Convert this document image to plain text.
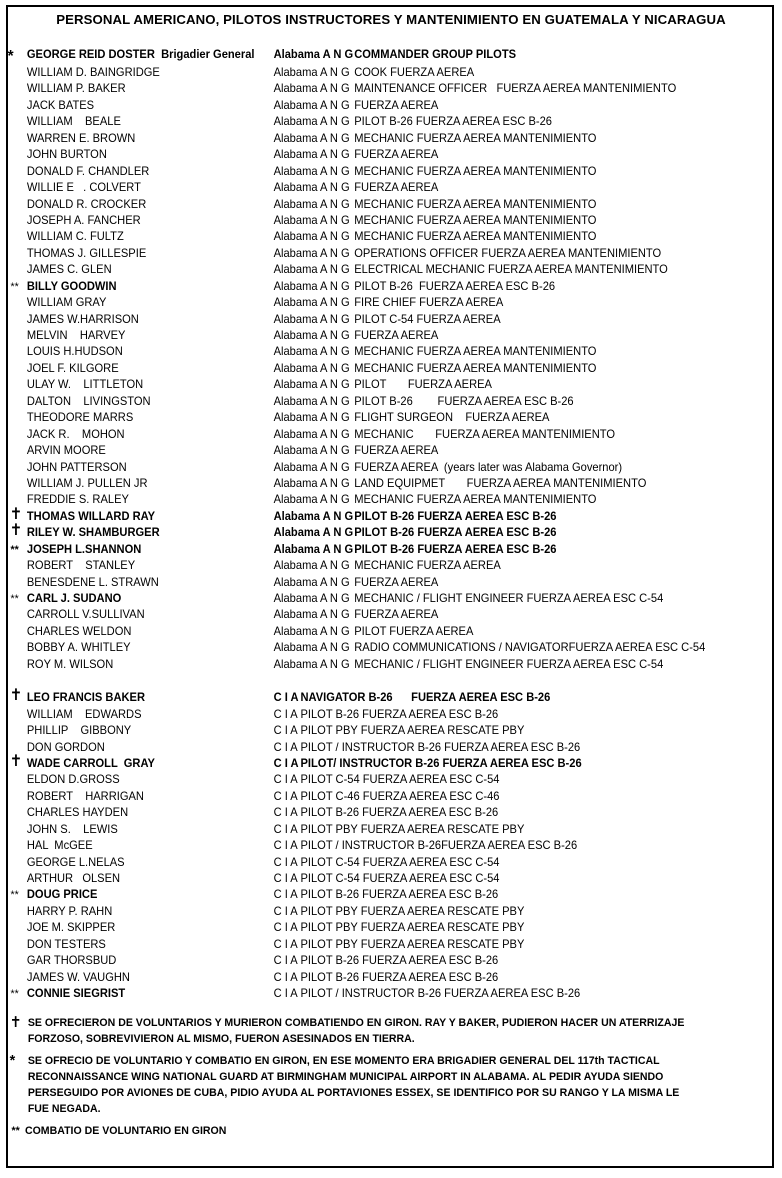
PERSONAL AMERICANO, PILOTOS INSTRUCTORES Y MANTENIMIENTO EN GUATEMALA Y NICARAGUA
*	GEORGE REID DOSTER  Brigadier General Alabama A N G COMMANDER GROUP PILOTS
WILLIAM D. BAINGRIDGE	Alabama A N G COOK FUERZA AEREA
WILLIAM P. BAKER	Alabama A N G MAINTENANCE OFFICER   FUERZA AEREA MANTENIMIENTO
JACK BATES	Alabama A N G FUERZA AEREA
WILLIAM    BEALE	Alabama A N G PILOT B-26 FUERZA AEREA ESC B-26
WARREN E. BROWN	Alabama A N G MECHANIC FUERZA AEREA MANTENIMIENTO
JOHN BURTON	Alabama A N G FUERZA AEREA
DONALD F. CHANDLER	Alabama A N G MECHANIC FUERZA AEREA MANTENIMIENTO
WILLIE E   . COLVERT	Alabama A N G FUERZA AEREA
DONALD R. CROCKER	Alabama A N G MECHANIC FUERZA AEREA MANTENIMIENTO
JOSEPH A. FANCHER	Alabama A N G MECHANIC FUERZA AEREA MANTENIMIENTO
WILLIAM C. FULTZ	Alabama A N G MECHANIC FUERZA AEREA MANTENIMIENTO
THOMAS J. GILLESPIE	Alabama A N G OPERATIONS OFFICER FUERZA AEREA MANTENIMIENTO
JAMES C. GLEN	Alabama A N G ELECTRICAL MECHANIC FUERZA AEREA MANTENIMIENTO
** BILLY GOODWIN	Alabama A N G PILOT B-26  FUERZA AEREA ESC B-26
WILLIAM GRAY	Alabama A N G FIRE CHIEF FUERZA AEREA
JAMES W.HARRISON	Alabama A N G PILOT C-54 FUERZA AEREA
MELVIN    HARVEY	Alabama A N G FUERZA AEREA
LOUIS H.HUDSON	Alabama A N G MECHANIC FUERZA AEREA MANTENIMIENTO
JOEL F. KILGORE	Alabama A N G MECHANIC FUERZA AEREA MANTENIMIENTO
ULAY W.    LITTLETON	Alabama A N G PILOT       FUERZA AEREA
DALTON    LIVINGSTON	Alabama A N G PILOT B-26        FUERZA AEREA ESC B-26
THEODORE MARRS	Alabama A N G FLIGHT SURGEON    FUERZA AEREA
JACK R.    MOHON	Alabama A N G MECHANIC       FUERZA AEREA MANTENIMIENTO
ARVIN MOORE	Alabama A N G FUERZA AEREA
JOHN PATTERSON	Alabama A N G FUERZA AEREA  (years later was Alabama Governor)
WILLIAM J. PULLEN JR	Alabama A N G LAND EQUIPMET       FUERZA AEREA MANTENIMIENTO
FREDDIE S. RALEY	Alabama A N G MECHANIC FUERZA AEREA MANTENIMIENTO
✝ THOMAS WILLARD RAY	Alabama A N G PILOT B-26 FUERZA AEREA ESC B-26
✝ RILEY W. SHAMBURGER	Alabama A N G PILOT B-26 FUERZA AEREA ESC B-26
** JOSEPH L.SHANNON	Alabama A N G PILOT B-26 FUERZA AEREA ESC B-26
ROBERT    STANLEY	Alabama A N G MECHANIC FUERZA AEREA
BENESDENE L. STRAWN	Alabama A N G FUERZA AEREA
** CARL J. SUDANO	Alabama A N G MECHANIC / FLIGHT ENGINEER FUERZA AEREA ESC C-54
CARROLL V.SULLIVAN	Alabama A N G FUERZA AEREA
CHARLES WELDON	Alabama A N G PILOT FUERZA AEREA
BOBBY A. WHITLEY	Alabama A N G RADIO COMMUNICATIONS / NAVIGATORFUERZA AEREA ESC C-54
ROY M. WILSON	Alabama A N G MECHANIC / FLIGHT ENGINEER FUERZA AEREA ESC C-54
✝ LEO FRANCIS BAKER	C I A NAVIGATOR B-26      FUERZA AEREA ESC B-26
WILLIAM    EDWARDS	C I A PILOT B-26 FUERZA AEREA ESC B-26
PHILLIP    GIBBONY	C I A PILOT PBY FUERZA AEREA RESCATE PBY
DON GORDON	C I A PILOT / INSTRUCTOR B-26 FUERZA AEREA ESC B-26
✝ WADE CARROLL  GRAY	C I A PILOT/ INSTRUCTOR B-26 FUERZA AEREA ESC B-26
ELDON D.GROSS	C I A PILOT C-54 FUERZA AEREA ESC C-54
ROBERT    HARRIGAN	C I A PILOT C-46 FUERZA AEREA ESC C-46
CHARLES HAYDEN	C I A PILOT B-26 FUERZA AEREA ESC B-26
JOHN S.    LEWIS	C I A PILOT PBY FUERZA AEREA RESCATE PBY
HAL  McGEE	C I A PILOT / INSTRUCTOR B-26FUERZA AEREA ESC B-26
GEORGE L.NELAS	C I A PILOT C-54 FUERZA AEREA ESC C-54
ARTHUR   OLSEN	C I A PILOT C-54 FUERZA AEREA ESC C-54
** DOUG PRICE	C I A PILOT B-26 FUERZA AEREA ESC B-26
HARRY P. RAHN	C I A PILOT PBY FUERZA AEREA RESCATE PBY
JOE M. SKIPPER	C I A PILOT PBY FUERZA AEREA RESCATE PBY
DON TESTERS	C I A PILOT PBY FUERZA AEREA RESCATE PBY
GAR THORSBUD	C I A PILOT B-26 FUERZA AEREA ESC B-26
JAMES W. VAUGHN	C I A PILOT B-26 FUERZA AEREA ESC B-26
** CONNIE SIEGRIST	C I A PILOT / INSTRUCTOR B-26 FUERZA AEREA ESC B-26
✝ SE OFRECIERON DE VOLUNTARIOS Y MURIERON COMBATIENDO EN GIRON. RAY Y BAKER, PUDIERON HACER UN ATERRIZAJE FORZOSO, SOBREVIVIERON AL MISMO, FUERON ASESINADOS EN TIERRA.
* SE OFRECIO DE VOLUNTARIO Y COMBATIO EN GIRON, EN ESE MOMENTO ERA BRIGADIER GENERAL DEL 117th TACTICAL RECONNAISSANCE WING NATIONAL GUARD AT BIRMINGHAM MUNICIPAL AIRPORT IN ALABAMA. AL PEDIR AYUDA SIENDO PERSEGUIDO POR AVIONES DE CUBA, PIDIO AYUDA AL PORTAVIONES ESSEX, SE IDENTIFICO POR SU RANGO Y LA MISMA LE FUE NEGADA.
** COMBATIO DE VOLUNTARIO EN GIRON
